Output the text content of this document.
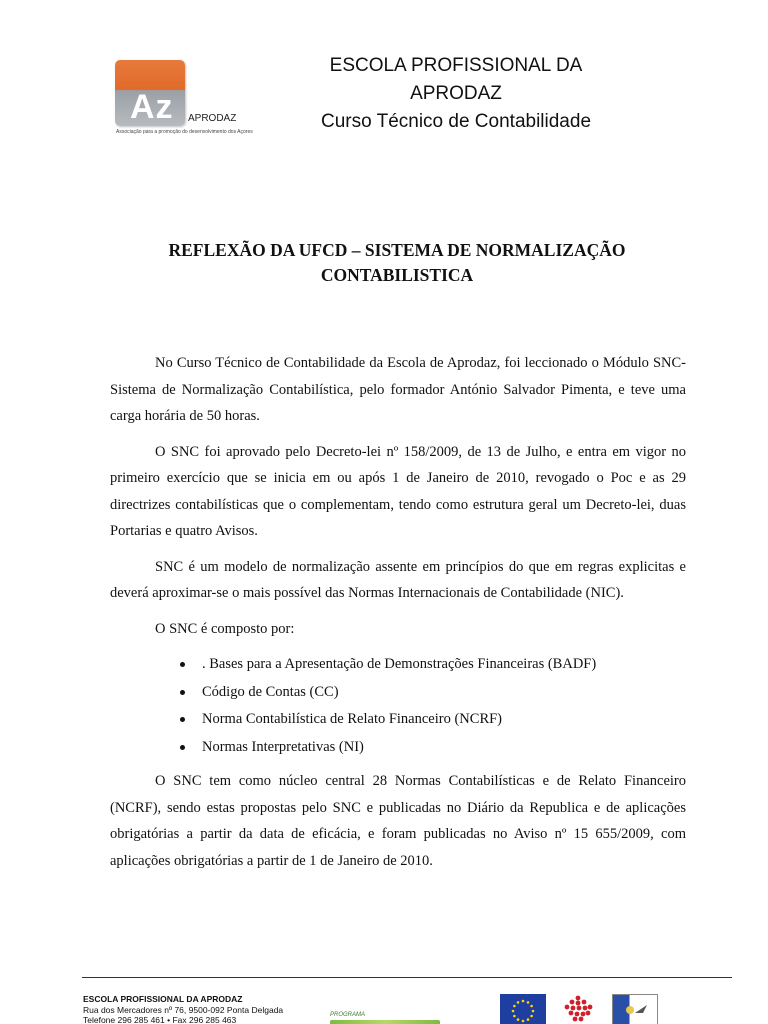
Az APRODAZ
Associação para a promoção do desenvolvimento dos Açores
ESCOLA PROFISSIONAL DA
APRODAZ
Curso Técnico de Contabilidade
REFLEXÃO DA UFCD – SISTEMA DE NORMALIZAÇÃO
CONTABILISTICA

No Curso Técnico de Contabilidade da Escola de Aprodaz, foi leccionado o Módulo SNC- Sistema de Normalização Contabilística, pelo formador António Salvador Pimenta, e teve uma carga horária de 50 horas.

O SNC foi aprovado pelo Decreto-lei nº 158/2009, de 13 de Julho, e entra em vigor no primeiro exercício que se inicia em ou após 1 de Janeiro de 2010, revogado o Poc e as 29 directrizes contabilísticas que o complementam, tendo como estrutura geral um Decreto-lei, duas Portarias e quatro Avisos.

SNC é um modelo de normalização assente em princípios do que em regras explicitas e deverá aproximar-se o mais possível das Normas Internacionais de Contabilidade (NIC).

O SNC é composto por:

. Bases para a Apresentação de Demonstrações Financeiras (BADF)
Código de Contas (CC)
Norma Contabilística de Relato Financeiro (NCRF)
Normas Interpretativas (NI)

O SNC tem como núcleo central 28 Normas Contabilísticas e de Relato Financeiro (NCRF), sendo estas propostas pelo SNC e publicadas no Diário da Republica e de aplicações obrigatórias a partir da data de eficácia, e foram publicadas no Aviso nº 15 655/2009, com aplicações obrigatórias a partir de 1 de Janeiro de 2010.

ESCOLA PROFISSIONAL DA APRODAZ
Rua dos Mercadores nº 76, 9500-092 Ponta Delgada
Telefone 296 285 461 • Fax 296 285 463	PROGRAMA
